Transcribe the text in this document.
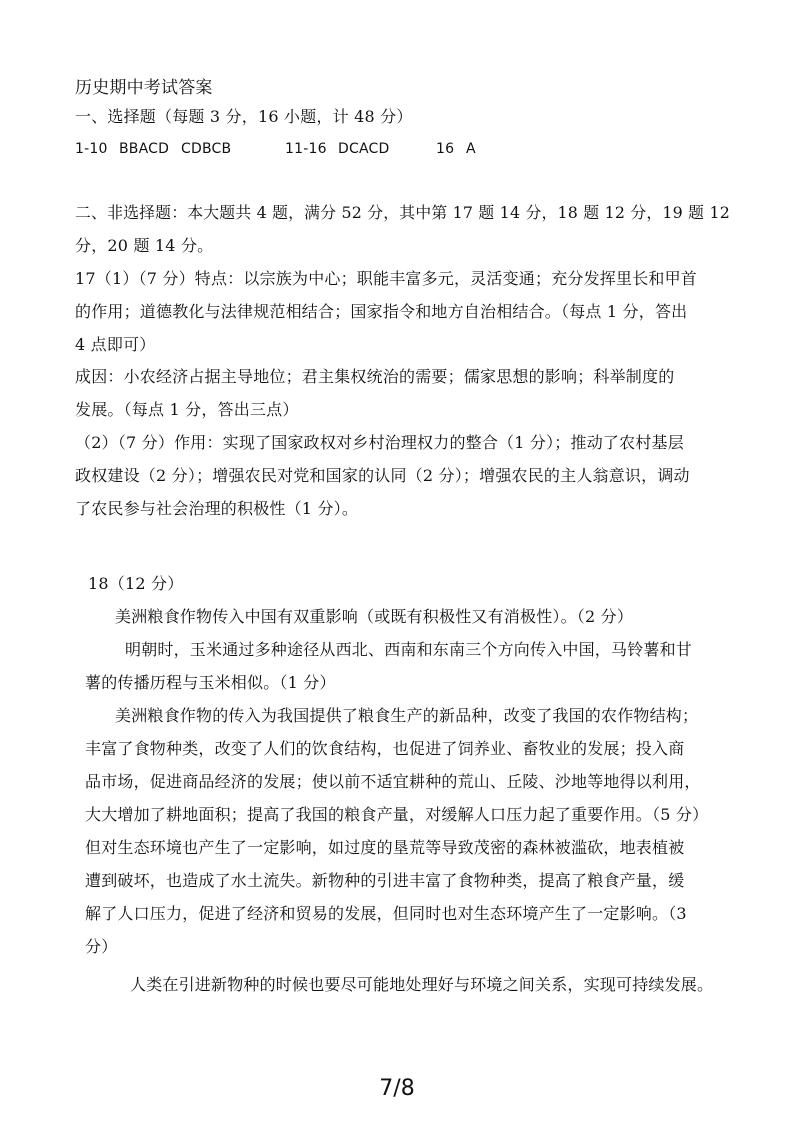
历史期中考试答案
一、选择题（每题 3 分，16 小题，计 48 分）
1-10 BBACD CDBCB	11-16 DCACD	16 A
二、非选择题：本大题共 4 题，满分 52 分，其中第 17 题 14 分，18 题 12 分，19 题 12
分，20 题 14 分。
17（1）（7 分）特点：以宗族为中心；职能丰富多元，灵活变通；充分发挥里长和甲首
的作用；道德教化与法律规范相结合；国家指令和地方自治相结合。（每点 1 分，答出
4 点即可）
成因：小农经济占据主导地位；君主集权统治的需要；儒家思想的影响；科举制度的
发展。（每点 1 分，答出三点）
（2）（7 分）作用：实现了国家政权对乡村治理权力的整合（1 分）；推动了农村基层
政权建设（2 分）；增强农民对党和国家的认同（2 分）；增强农民的主人翁意识，调动
了农民参与社会治理的积极性（1 分）。
18（12 分）
美洲粮食作物传入中国有双重影响（或既有积极性又有消极性）。（2 分）
明朝时，玉米通过多种途径从西北、西南和东南三个方向传入中国，马铃薯和甘
薯的传播历程与玉米相似。（1 分）
美洲粮食作物的传入为我国提供了粮食生产的新品种，改变了我国的农作物结构；
丰富了食物种类，改变了人们的饮食结构，也促进了饲养业、畜牧业的发展；投入商
品市场，促进商品经济的发展；使以前不适宜耕种的荒山、丘陵、沙地等地得以利用，
大大增加了耕地面积；提高了我国的粮食产量，对缓解人口压力起了重要作用。（5 分）
但对生态环境也产生了一定影响，如过度的垦荒等导致茂密的森林被滥砍，地表植被
遭到破坏，也造成了水土流失。新物种的引进丰富了食物种类，提高了粮食产量，缓
解了人口压力，促进了经济和贸易的发展，但同时也对生态环境产生了一定影响。（3
分）
人类在引进新物种的时候也要尽可能地处理好与环境之间关系，实现可持续发展。
7/8
